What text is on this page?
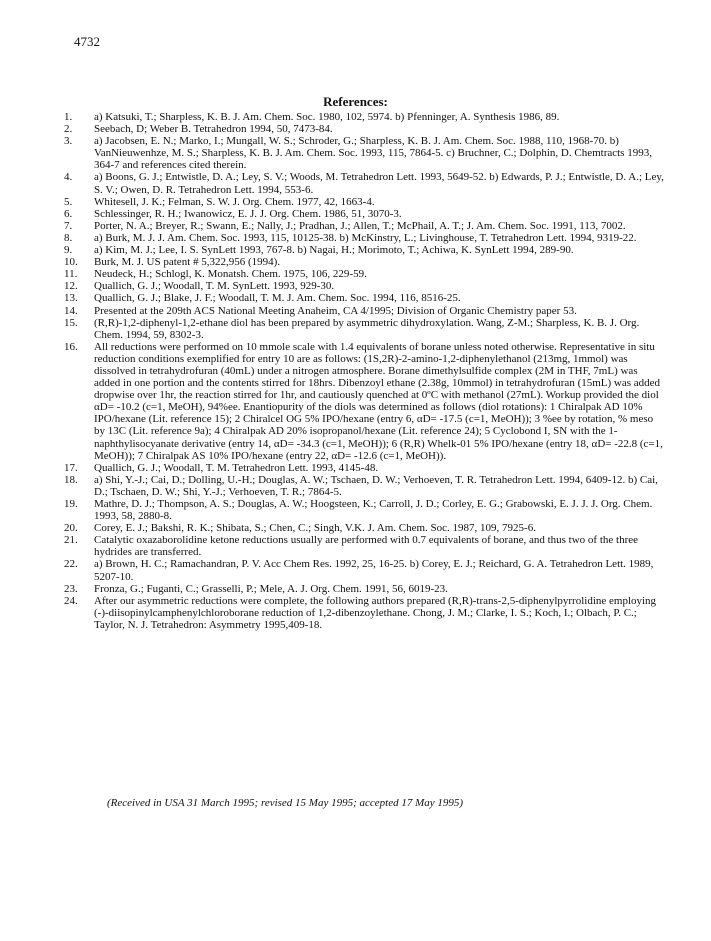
4732
References:
1.	a) Katsuki, T.; Sharpless, K. B. J. Am. Chem. Soc. 1980, 102, 5974. b) Pfenninger, A. Synthesis 1986, 89.
2.	Seebach, D; Weber B. Tetrahedron 1994, 50, 7473-84.
3.	a) Jacobsen, E. N.; Marko, I.; Mungall, W. S.; Schroder, G.; Sharpless, K. B. J. Am. Chem. Soc. 1988, 110, 1968-70. b) VanNieuwenhze, M. S.; Sharpless, K. B. J. Am. Chem. Soc. 1993, 115, 7864-5. c) Bruchner, C.; Dolphin, D. Chemtracts 1993, 364-7 and references cited therein.
4.	a) Boons, G. J.; Entwistle, D. A.; Ley, S. V.; Woods, M. Tetrahedron Lett. 1993, 5649-52. b) Edwards, P. J.; Entwistle, D. A.; Ley, S. V.; Owen, D. R. Tetrahedron Lett. 1994, 553-6.
5.	Whitesell, J. K.; Felman, S. W. J. Org. Chem. 1977, 42, 1663-4.
6.	Schlessinger, R. H.; Iwanowicz, E. J. J. Org. Chem. 1986, 51, 3070-3.
7.	Porter, N. A.; Breyer, R.; Swann, E.; Nally, J.; Pradhan, J.; Allen, T.; McPhail, A. T.; J. Am. Chem. Soc. 1991, 113, 7002.
8.	a) Burk, M. J. J. Am. Chem. Soc. 1993, 115, 10125-38. b) McKinstry, L.; Livinghouse, T. Tetrahedron Lett. 1994, 9319-22.
9.	a) Kim, M. J.; Lee, I. S. SynLett 1993, 767-8. b) Nagai, H.; Morimoto, T.; Achiwa, K. SynLett 1994, 289-90.
10.	Burk, M. J. US patent # 5,322,956 (1994).
11.	Neudeck, H.; Schlogl, K. Monatsh. Chem. 1975, 106, 229-59.
12.	Quallich, G. J.; Woodall, T. M. SynLett. 1993, 929-30.
13.	Quallich, G. J.; Blake, J. F.; Woodall, T. M. J. Am. Chem. Soc. 1994, 116, 8516-25.
14.	Presented at the 209th ACS National Meeting Anaheim, CA 4/1995; Division of Organic Chemistry paper 53.
15.	(R,R)-1,2-diphenyl-1,2-ethane diol has been prepared by asymmetric dihydroxylation. Wang, Z-M.; Sharpless, K. B. J. Org. Chem. 1994, 59, 8302-3.
16.	All reductions were performed on 10 mmole scale with 1.4 equivalents of borane unless noted otherwise. Representative in situ reduction conditions exemplified for entry 10 are as follows: (1S,2R)-2-amino-1,2-diphenylethanol (213mg, 1mmol) was dissolved in tetrahydrofuran (40mL) under a nitrogen atmosphere. Borane dimethylsulfide complex (2M in THF, 7mL) was added in one portion and the contents stirred for 18hrs. Dibenzoyl ethane (2.38g, 10mmol) in tetrahydrofuran (15mL) was added dropwise over 1hr, the reaction stirred for 1hr, and cautiously quenched at 0ºC with methanol (27mL). Workup provided the diol αD= -10.2 (c=1, MeOH), 94%ee. Enantiopurity of the diols was determined as follows (diol rotations): 1 Chiralpak AD 10% IPO/hexane (Lit. reference 15); 2 Chiralcel OG 5% IPO/hexane (entry 6, αD= -17.5 (c=1, MeOH)); 3 %ee by rotation, % meso by 13C (Lit. reference 9a); 4 Chiralpak AD 20% isopropanol/hexane (Lit. reference 24); 5 Cyclobond I, SN with the 1-naphthylisocyanate derivative (entry 14, αD= -34.3 (c=1, MeOH)); 6 (R,R) Whelk-01 5% IPO/hexane (entry 18, αD= -22.8 (c=1, MeOH)); 7 Chiralpak AS 10% IPO/hexane (entry 22, αD= -12.6 (c=1, MeOH)).
17.	Quallich, G. J.; Woodall, T. M. Tetrahedron Lett. 1993, 4145-48.
18.	a) Shi, Y.-J.; Cai, D.; Dolling, U.-H.; Douglas, A. W.; Tschaen, D. W.; Verhoeven, T. R. Tetrahedron Lett. 1994, 6409-12. b) Cai, D.; Tschaen, D. W.; Shi, Y.-J.; Verhoeven, T. R.; 7864-5.
19.	Mathre, D. J.; Thompson, A. S.; Douglas, A. W.; Hoogsteen, K.; Carroll, J. D.; Corley, E. G.; Grabowski, E. J. J. J. Org. Chem. 1993, 58, 2880-8.
20.	Corey, E. J.; Bakshi, R. K.; Shibata, S.; Chen, C.; Singh, V.K. J. Am. Chem. Soc. 1987, 109, 7925-6.
21.	Catalytic oxazaborolidine ketone reductions usually are performed with 0.7 equivalents of borane, and thus two of the three hydrides are transferred.
22.	a) Brown, H. C.; Ramachandran, P. V. Acc Chem Res. 1992, 25, 16-25. b) Corey, E. J.; Reichard, G. A. Tetrahedron Lett. 1989, 5207-10.
23.	Fronza, G.; Fuganti, C.; Grasselli, P.; Mele, A. J. Org. Chem. 1991, 56, 6019-23.
24.	After our asymmetric reductions were complete, the following authors prepared (R,R)-trans-2,5-diphenylpyrrolidine employing (-)-diisopinylcamphenylchloroborane reduction of 1,2-dibenzoylethane. Chong, J. M.; Clarke, I. S.; Koch, I.; Olbach, P. C.; Taylor, N. J. Tetrahedron: Asymmetry 1995,409-18.
(Received in USA 31 March 1995; revised 15 May 1995; accepted 17 May 1995)
